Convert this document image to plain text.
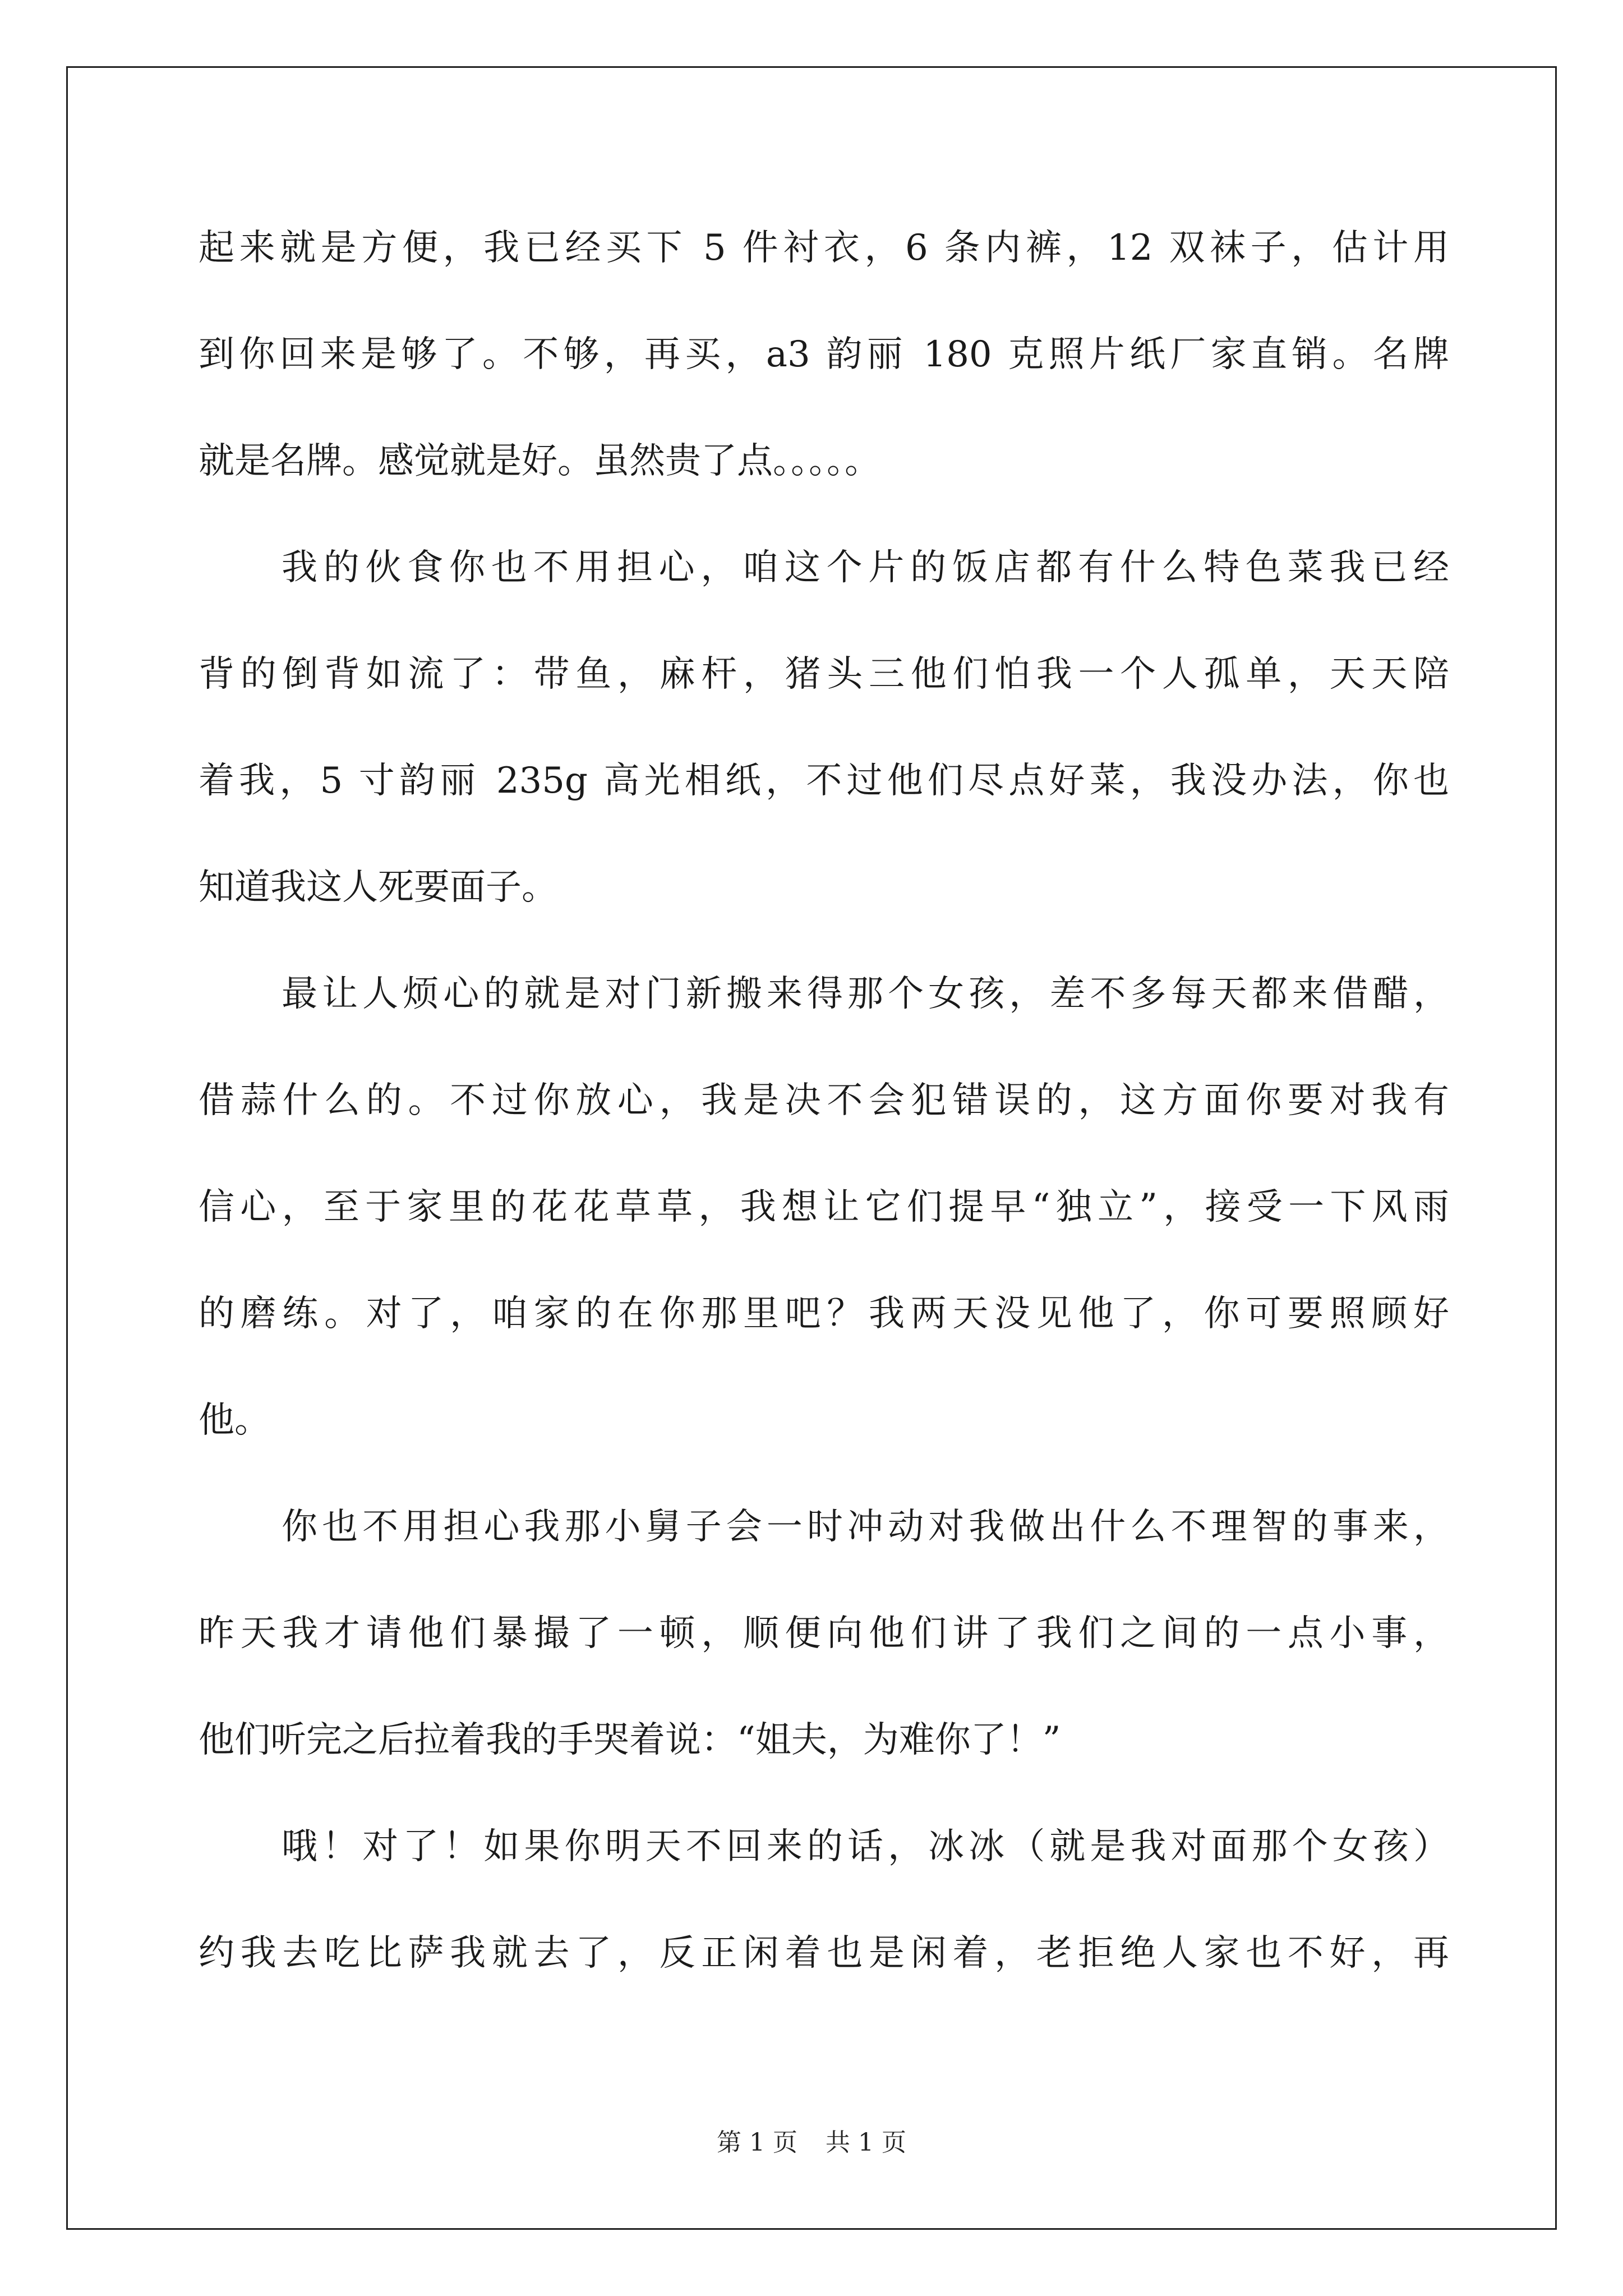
起来就是方便，我已经买下 5 件衬衣，6 条内裤，12 双袜子，估计用
到你回来是够了。不够，再买，a3 韵丽 180 克照片纸厂家直销。名牌
就是名牌。感觉就是好。虽然贵了点。。。。。
我的伙食你也不用担心，咱这个片的饭店都有什么特色菜我已经
背的倒背如流了：带鱼，麻杆，猪头三他们怕我一个人孤单，天天陪
着我，5 寸韵丽 235g 高光相纸，不过他们尽点好菜，我没办法，你也
知道我这人死要面子。
最让人烦心的就是对门新搬来得那个女孩，差不多每天都来借醋，
借蒜什么的。不过你放心，我是决不会犯错误的，这方面你要对我有
信心，至于家里的花花草草，我想让它们提早“独立”，接受一下风雨
的磨练。对了，咱家的在你那里吧？我两天没见他了，你可要照顾好
他。
你也不用担心我那小舅子会一时冲动对我做出什么不理智的事来，
昨天我才请他们暴撮了一顿，顺便向他们讲了我们之间的一点小事，
他们听完之后拉着我的手哭着说：“姐夫，为难你了！”
哦！对了！如果你明天不回来的话，冰冰（就是我对面那个女孩）
约我去吃比萨我就去了，反正闲着也是闲着，老拒绝人家也不好，再
第 1 页 共 1 页
